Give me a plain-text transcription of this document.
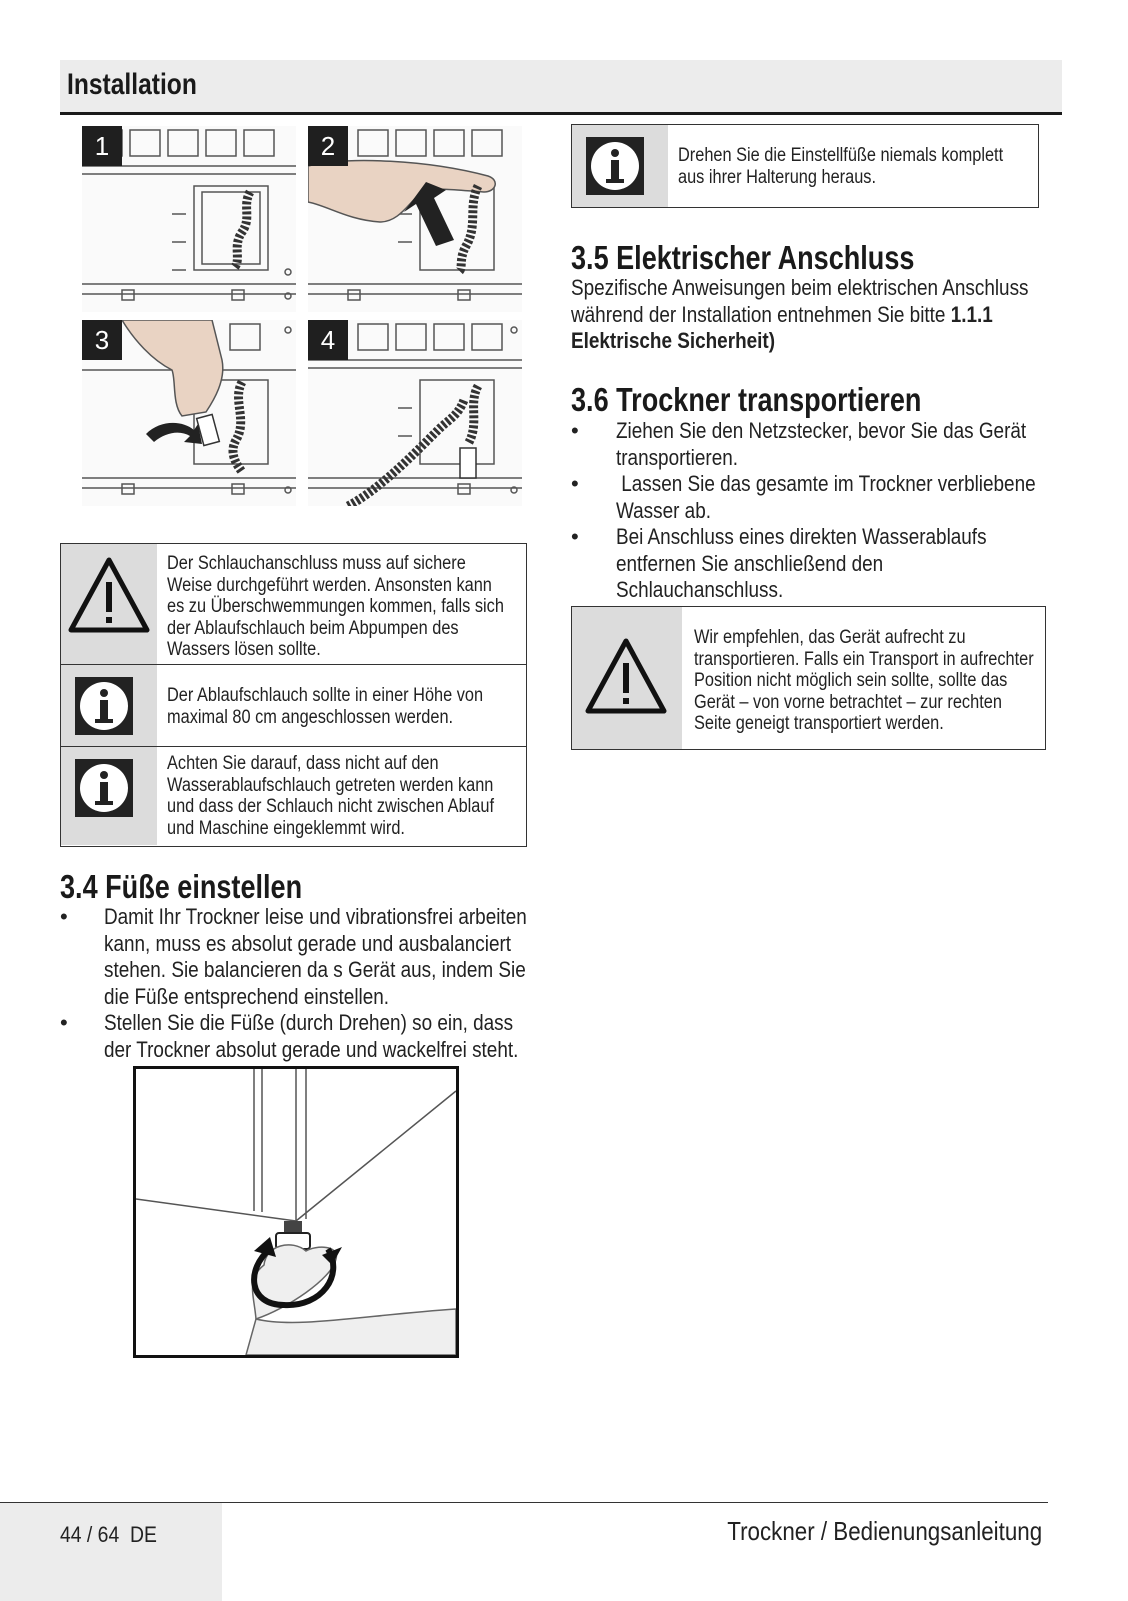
Installation
1	2
3	4
Der Schlauchanschluss muss auf sichere Weise durchgeführt werden. Ansonsten kann es zu Überschwemmungen kommen, falls sich der Ablaufschlauch beim Abpumpen des Wassers lösen sollte.
Der Ablaufschlauch sollte in einer Höhe von maximal 80 cm angeschlossen werden.
Achten Sie darauf, dass nicht auf den Wasserablaufschlauch getreten werden kann und dass der Schlauch nicht zwischen Ablauf und Maschine eingeklemmt wird.
3.4 Füße einstellen
• Damit Ihr Trockner leise und vibrationsfrei arbeiten kann, muss es absolut gerade und ausbalanciert stehen. Sie balancieren da s Gerät aus, indem Sie die Füße entsprechend einstellen.
• Stellen Sie die Füße (durch Drehen) so ein, dass der Trockner absolut gerade und wackelfrei steht.
Drehen Sie die Einstellfüße niemals komplett aus ihrer Halterung heraus.
3.5 Elektrischer Anschluss
Spezifische Anweisungen beim elektrischen Anschluss während der Installation entnehmen Sie bitte 1.1.1 Elektrische Sicherheit)
3.6 Trockner transportieren
• Ziehen Sie den Netzstecker, bevor Sie das Gerät transportieren.
• Lassen Sie das gesamte im Trockner verbliebene Wasser ab.
• Bei Anschluss eines direkten Wasserablaufs entfernen Sie anschließend den Schlauchanschluss.
Wir empfehlen, das Gerät aufrecht zu transportieren. Falls ein Transport in aufrechter Position nicht möglich sein sollte, sollte das Gerät – von vorne betrachtet – zur rechten Seite geneigt transportiert werden.
44 / 64  DE	Trockner / Bedienungsanleitung
